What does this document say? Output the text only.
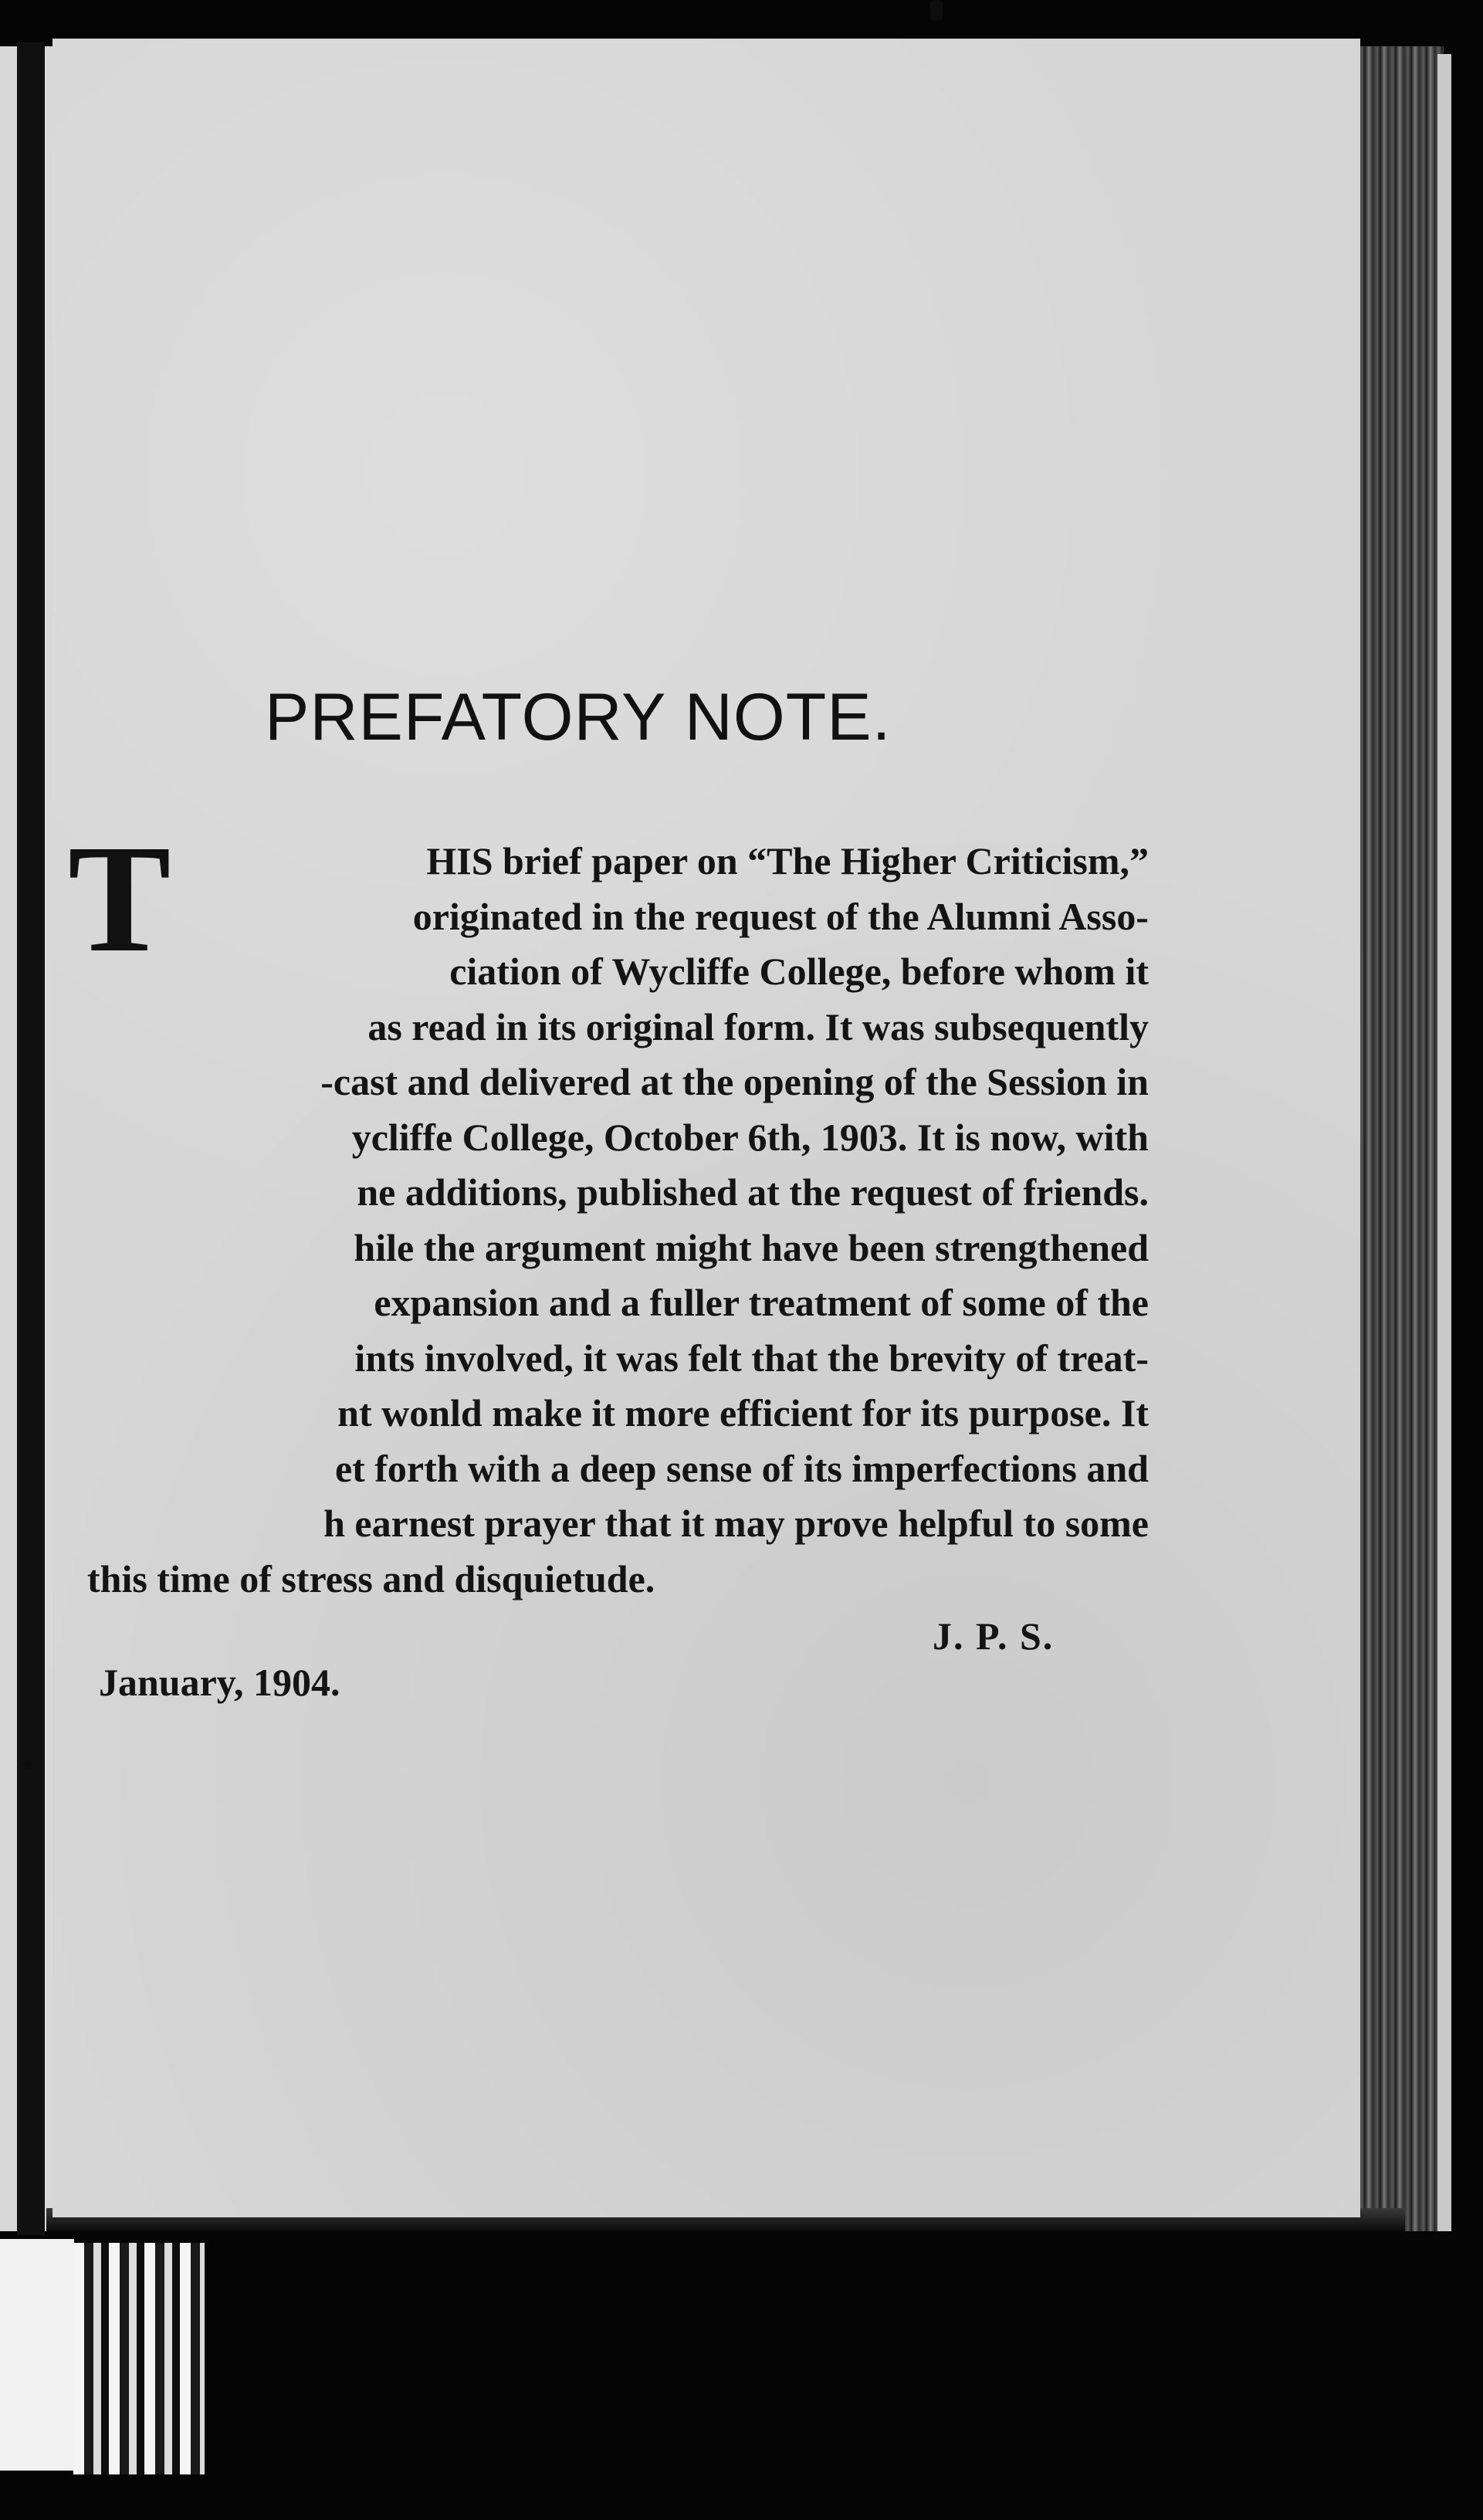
PREFATORY NOTE.
T	HIS brief paper on “The Higher Criticism,”
originated in the request of the Alumni Asso-
ciation of Wycliffe College, before whom it
as read in its original form. It was subsequently
-cast and delivered at the opening of the Session in
ycliffe College, October 6th, 1903. It is now, with
ne additions, published at the request of friends.
hile the argument might have been strengthened
expansion and a fuller treatment of some of the
ints involved, it was felt that the brevity of treat-
nt wonld make it more efficient for its purpose. It
et forth with a deep sense of its imperfections and
h earnest prayer that it may prove helpful to some
this time of stress and disquietude.
J. P. S.
January, 1904.
